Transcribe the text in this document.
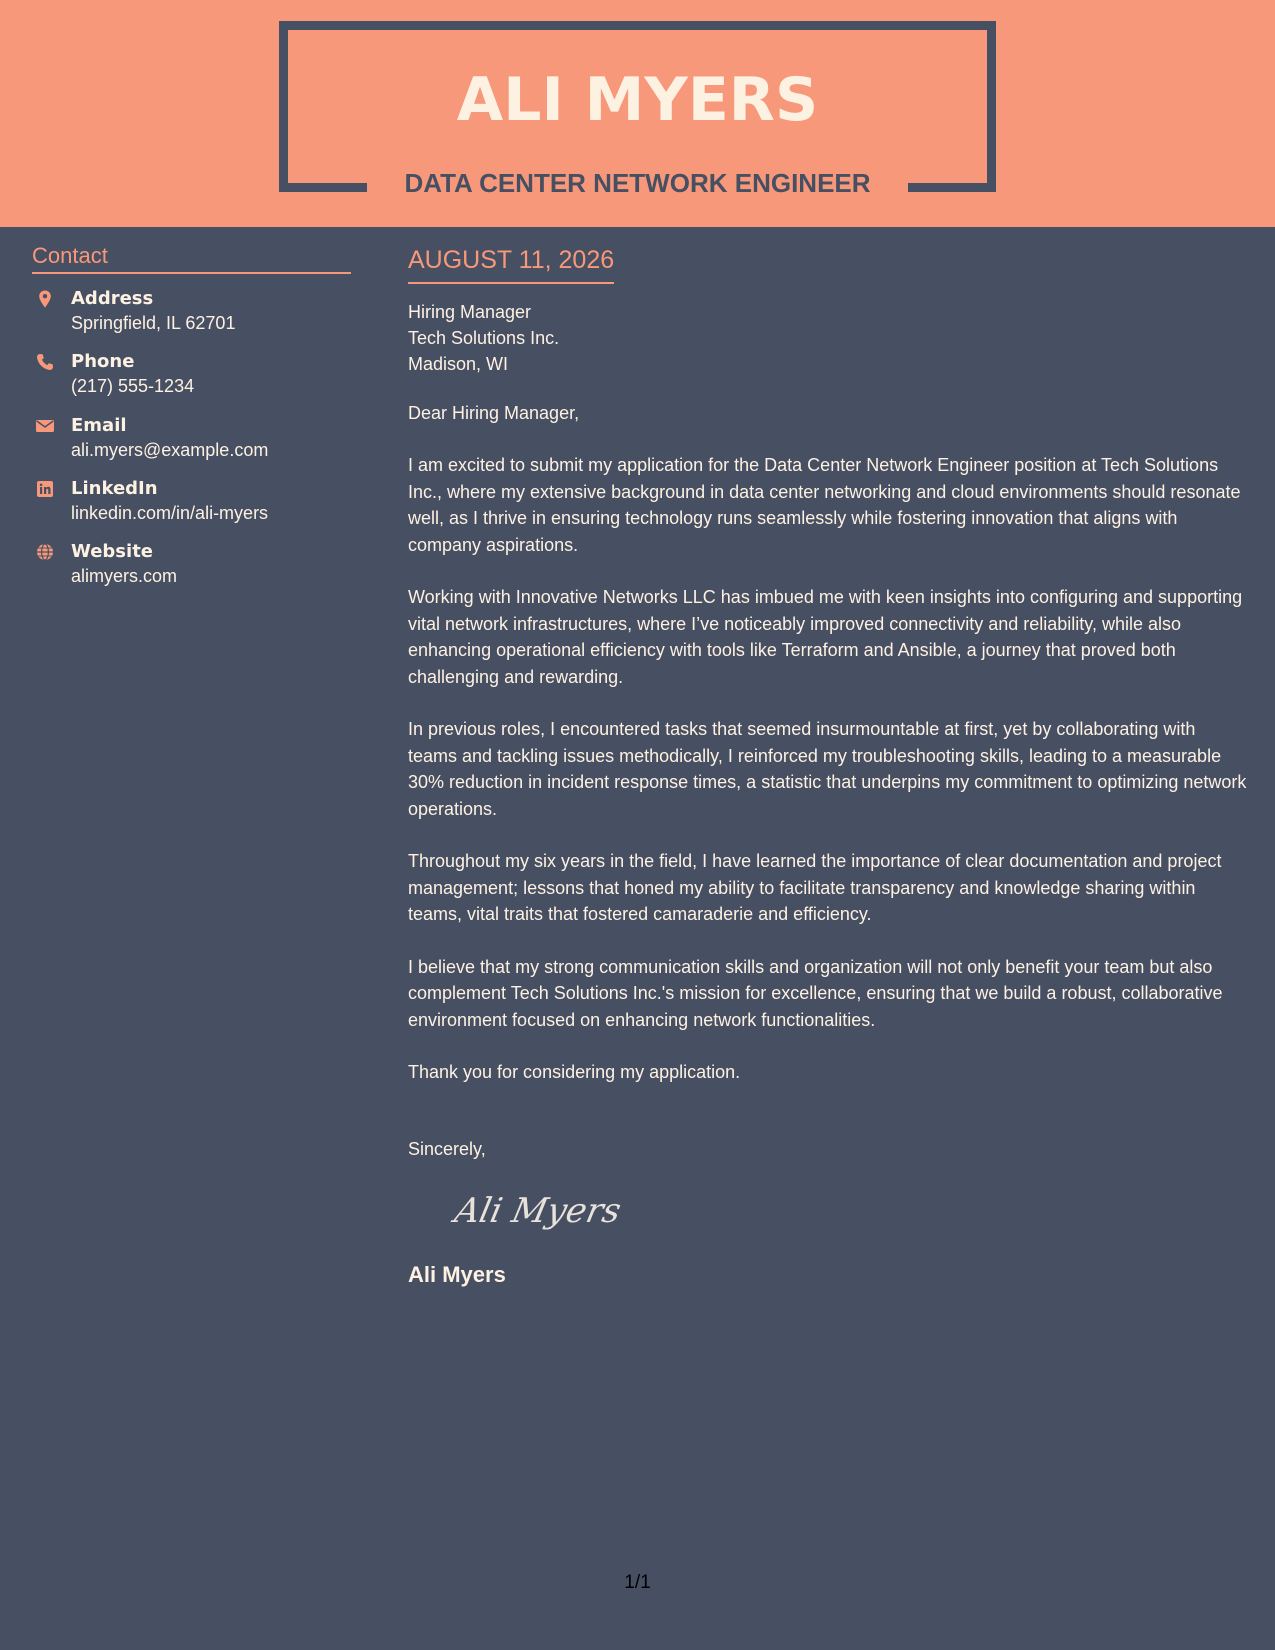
ALI MYERS
DATA CENTER NETWORK ENGINEER
Contact
Address
Springfield, IL 62701
Phone
(217) 555-1234
Email
ali.myers@example.com
LinkedIn
linkedin.com/in/ali-myers
Website
alimyers.com
AUGUST 11, 2026
Hiring Manager
Tech Solutions Inc.
Madison, WI
Dear Hiring Manager,

I am excited to submit my application for the Data Center Network Engineer position at Tech Solutions Inc., where my extensive background in data center networking and cloud environments should resonate well, as I thrive in ensuring technology runs seamlessly while fostering innovation that aligns with company aspirations.

Working with Innovative Networks LLC has imbued me with keen insights into configuring and supporting vital network infrastructures, where I’ve noticeably improved connectivity and reliability, while also enhancing operational efficiency with tools like Terraform and Ansible, a journey that proved both challenging and rewarding.

In previous roles, I encountered tasks that seemed insurmountable at first, yet by collaborating with teams and tackling issues methodically, I reinforced my troubleshooting skills, leading to a measurable 30% reduction in incident response times, a statistic that underpins my commitment to optimizing network operations.

Throughout my six years in the field, I have learned the importance of clear documentation and project management; lessons that honed my ability to facilitate transparency and knowledge sharing within teams, vital traits that fostered camaraderie and efficiency.

I believe that my strong communication skills and organization will not only benefit your team but also complement Tech Solutions Inc.'s mission for excellence, ensuring that we build a robust, collaborative environment focused on enhancing network functionalities.

Thank you for considering my application.

Sincerely,
Ali Myers
Ali Myers
1/1
